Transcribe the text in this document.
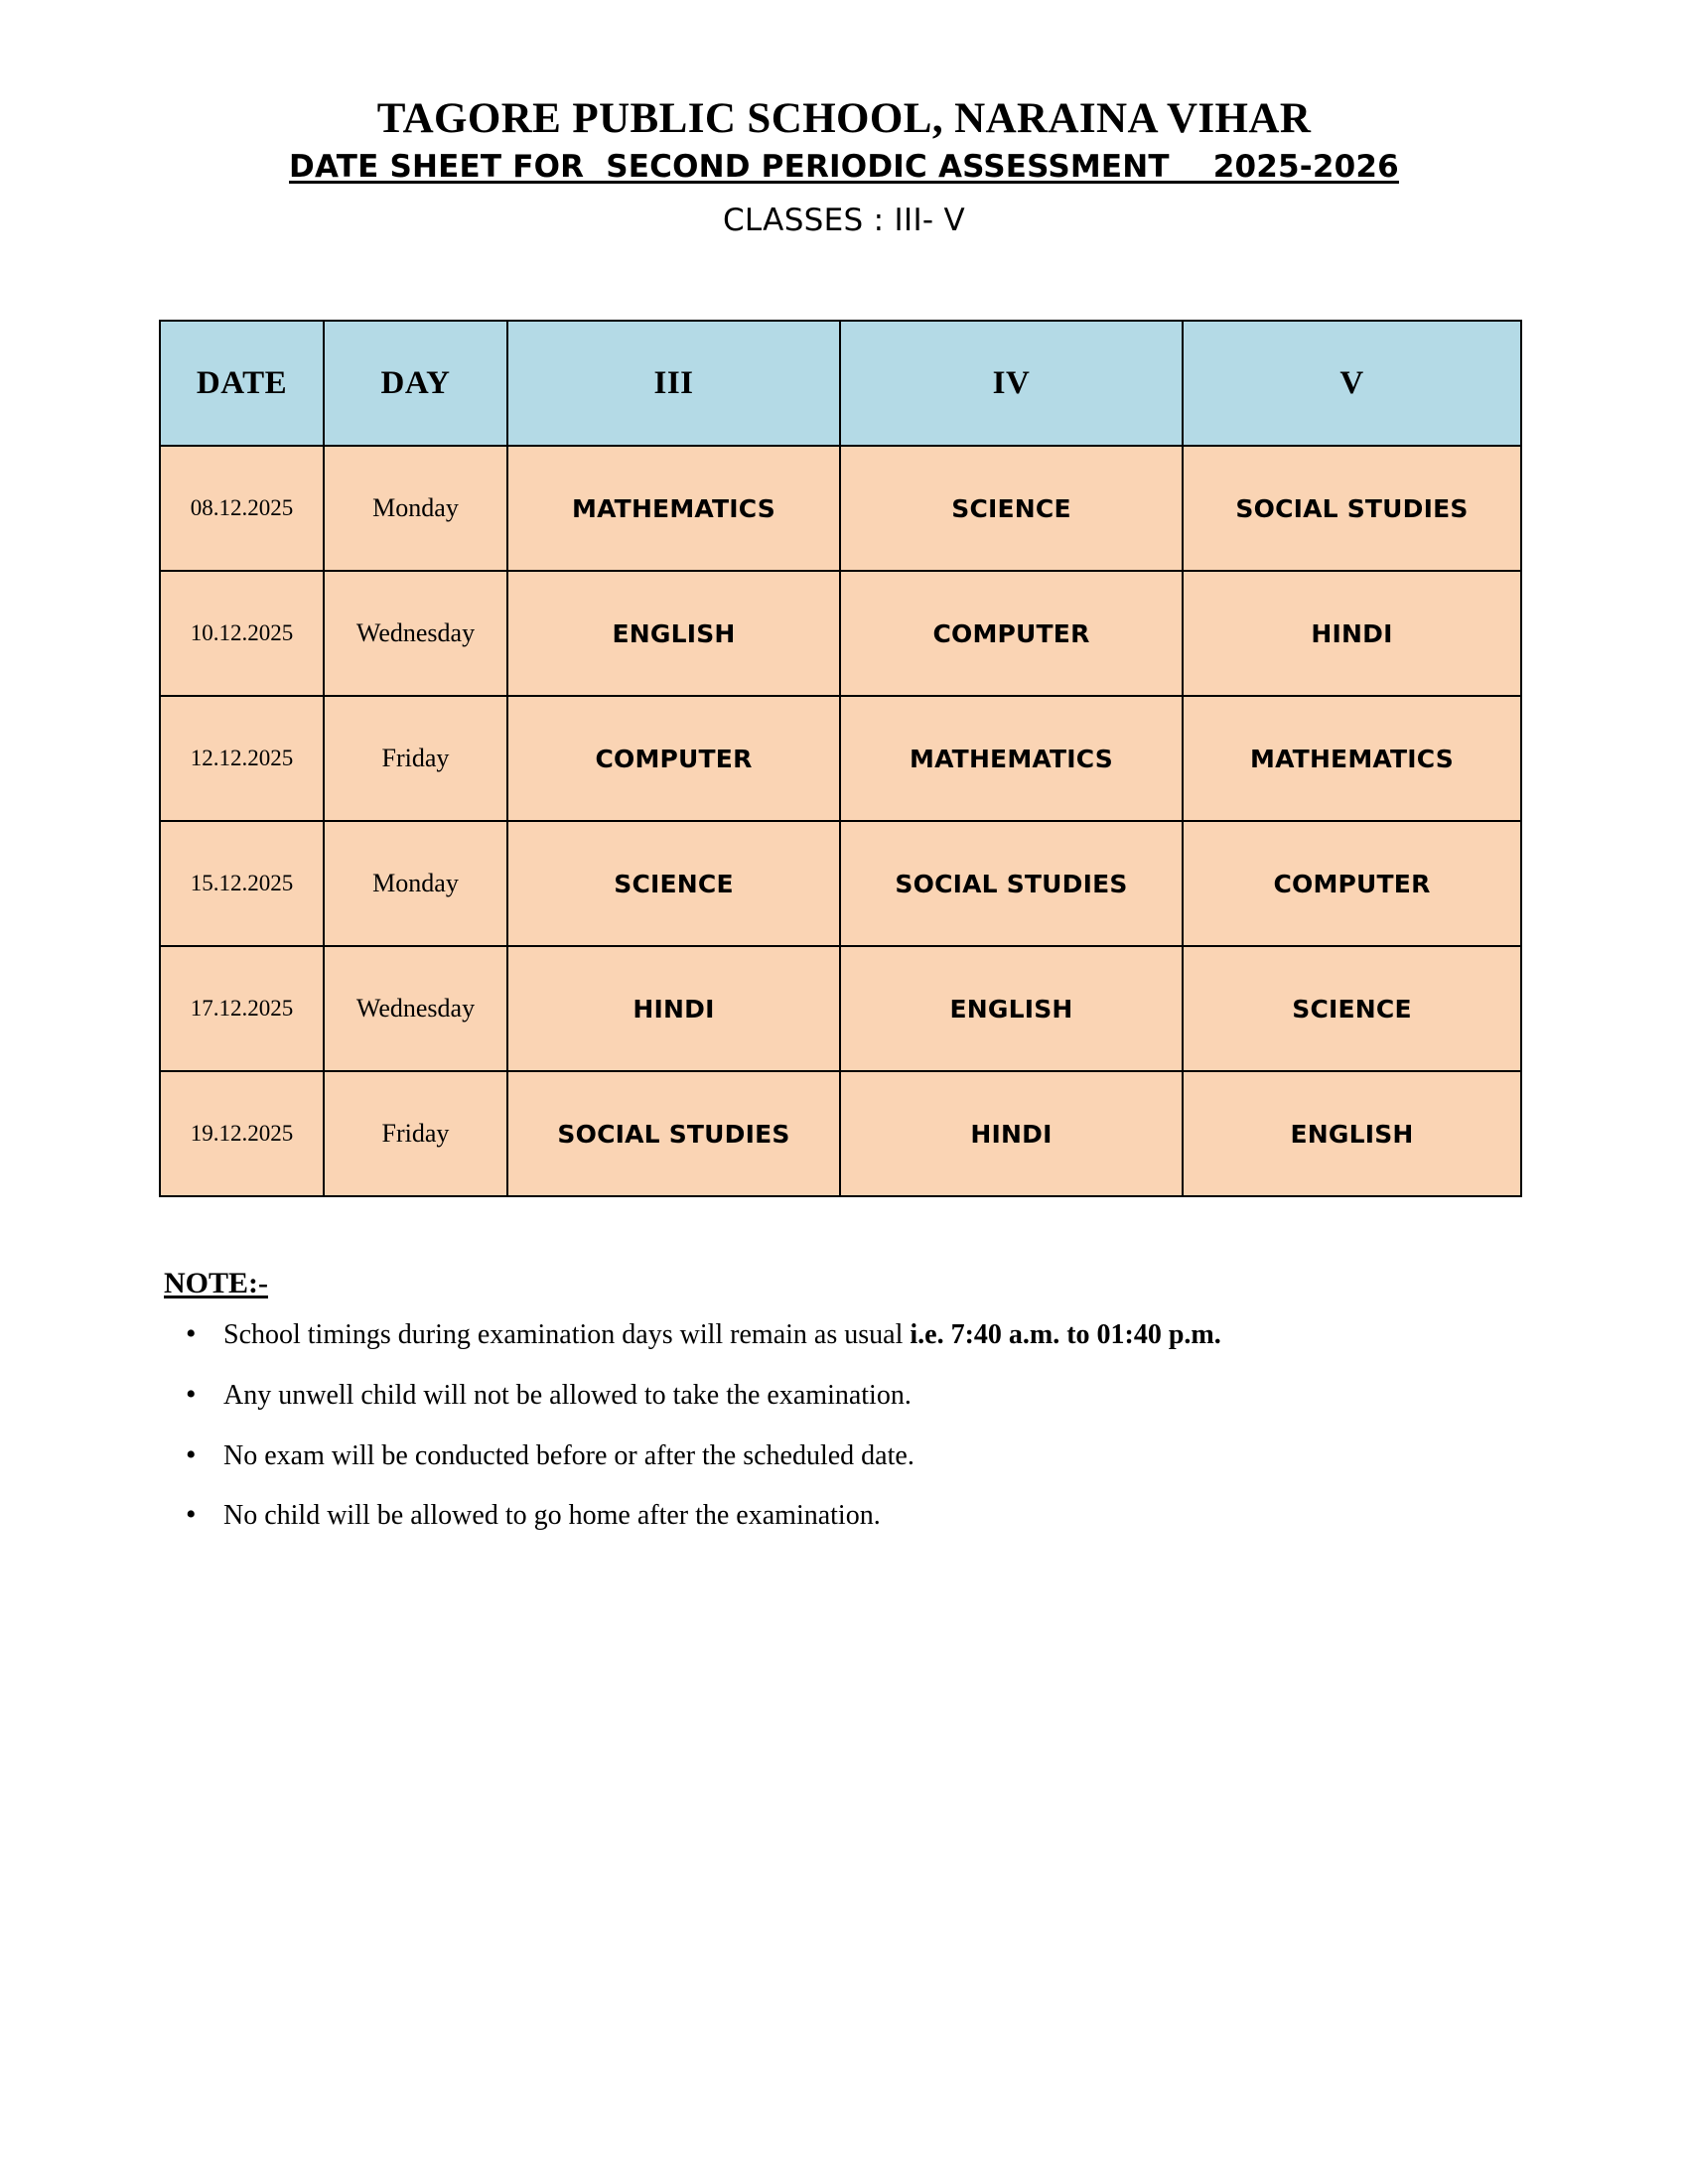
TAGORE PUBLIC SCHOOL, NARAINA VIHAR
DATE SHEET FOR  SECOND PERIODIC ASSESSMENT    2025-2026
CLASSES : III- V
DATE	DAY	III	IV	V
08.12.2025	Monday	MATHEMATICS	SCIENCE	SOCIAL STUDIES
10.12.2025	Wednesday	ENGLISH	COMPUTER	HINDI
12.12.2025	Friday	COMPUTER	MATHEMATICS	MATHEMATICS
15.12.2025	Monday	SCIENCE	SOCIAL STUDIES	COMPUTER
17.12.2025	Wednesday	HINDI	ENGLISH	SCIENCE
19.12.2025	Friday	SOCIAL STUDIES	HINDI	ENGLISH
NOTE:-
• School timings during examination days will remain as usual i.e. 7:40 a.m. to 01:40 p.m.
• Any unwell child will not be allowed to take the examination.
• No exam will be conducted before or after the scheduled date.
• No child will be allowed to go home after the examination.
